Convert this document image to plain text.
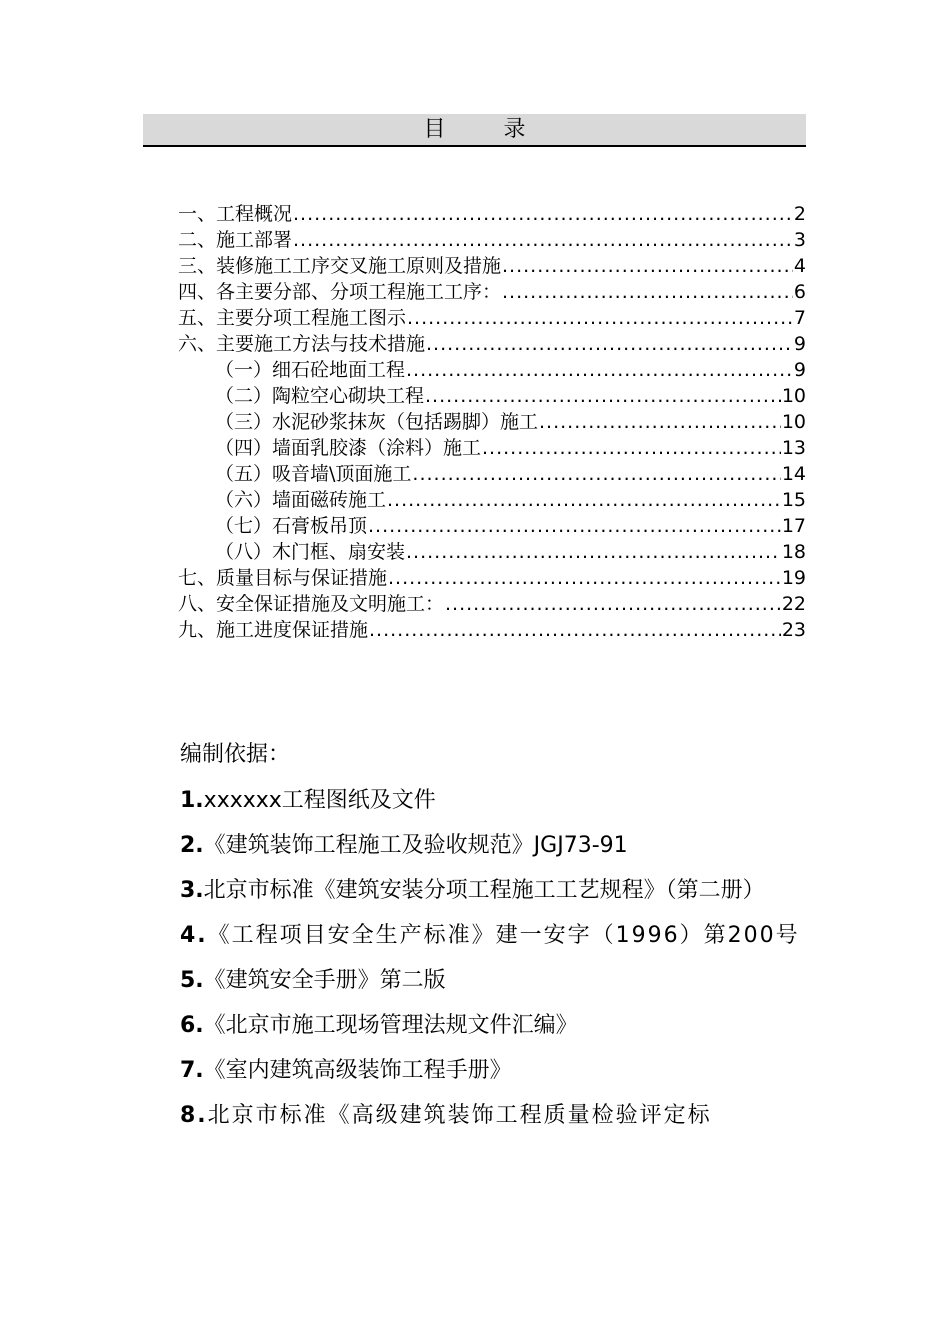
目录
一、工程概况 .....	2
二、施工部署 .....	3
三、装修施工工序交叉施工原则及措施 .....	4
四、各主要分部、分项工程施工工序： .....	6
五、主要分项工程施工图示 .....	7
六、主要施工方法与技术措施 .....	9
（一）细石砼地面工程 .....	9
（二）陶粒空心砌块工程 .....	10
（三）水泥砂浆抹灰（包括踢脚）施工 .....	10
（四）墙面乳胶漆（涂料）施工 .....	13
（五）吸音墙\顶面施工 .....	14
（六）墙面磁砖施工 .....	15
（七）石膏板吊顶 .....	17
（八）木门框、扇安装 .....	18
七、质量目标与保证措施 .....	19
八、安全保证措施及文明施工： .....	22
九、施工进度保证措施 .....	23
编制依据：
1.xxxxxx工程图纸及文件
2.《建筑装饰工程施工及验收规范》JGJ73-91
3.北京市标准《建筑安装分项工程施工工艺规程》（第二册）
4.《工程项目安全生产标准》建一安字（1996）第200号
5.《建筑安全手册》第二版
6.《北京市施工现场管理法规文件汇编》
7.《室内建筑高级装饰工程手册》
8.北京市标准《高级建筑装饰工程质量检验评定标
